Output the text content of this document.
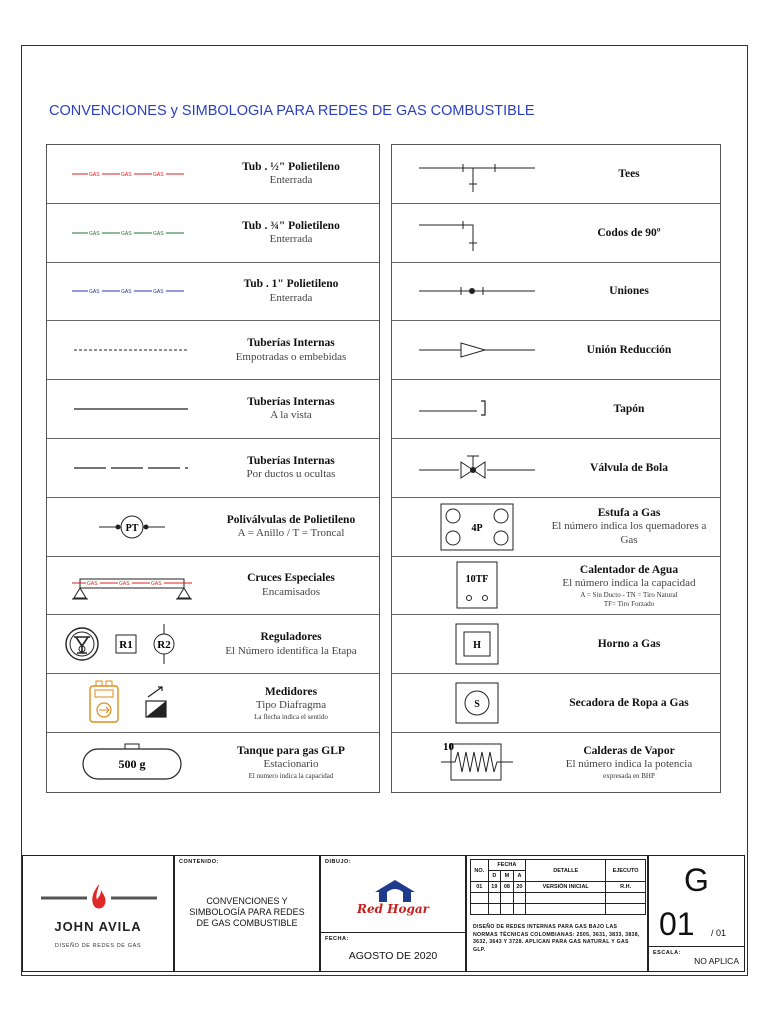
CONVENCIONES y SIMBOLOGIA PARA REDES DE GAS COMBUSTIBLE
GAS	GAS	GAS
Tub . ½" Polietileno
Enterrada
GAS	GAS	GAS
Tub . ¾" Polietileno
Enterrada
GAS	GAS	GAS
Tub . 1" Polietileno
Enterrada
Tuberías Internas
Empotradas o embebidas
Tuberías Internas
A la vista
Tuberías Internas
Por ductos u ocultas
PT
Poliválvulas de Polietileno
A = Anillo / T = Troncal
GAS	GAS	GAS
Cruces Especiales
Encamisados
R1 R2
Reguladores
El Número identifica la Etapa
Medidores
Tipo Diafragma
La flecha indica el sentido
500 g
Tanque para gas GLP
Estacionario
El numero indica la capacidad
Tees
Codos de 90º
Uniones
Unión Reducción
Tapón
Válvula de Bola
4P
Estufa a Gas
El número indica los quemadores a Gas
10TF
Calentador de Agua
El número indica la capacidad
A = Sin Ducto - TN = Tiro Natural
TF= Tiro Forzado
H	Horno a Gas
S	Secadora de Ropa a Gas
10	Calderas de Vapor
El número indica la potencia
expresada en BHP
JOHN AVILA
DISEÑO DE REDES DE GAS
CONTENIDO:
CONVENCIONES Y SIMBOLOGÍA PARA REDES DE GAS COMBUSTIBLE
DIBUJO:
Red Hogar
FECHA:
AGOSTO DE 2020
NO.	FECHA			DETALLE	EJECUTO
	D	M	A		
01	19	08	20	VERSIÓN INICIAL	R.H.

DISEÑO DE REDES INTERNAS PARA GAS BAJO LAS NORMAS TÉCNICAS COLOMBIANAS: 2505, 3631, 3833, 3838, 3632, 3643 Y 3728. APLICAN PARA GAS NATURAL Y GAS GLP.
G
01 / 01
ESCALA:
NO APLICA
